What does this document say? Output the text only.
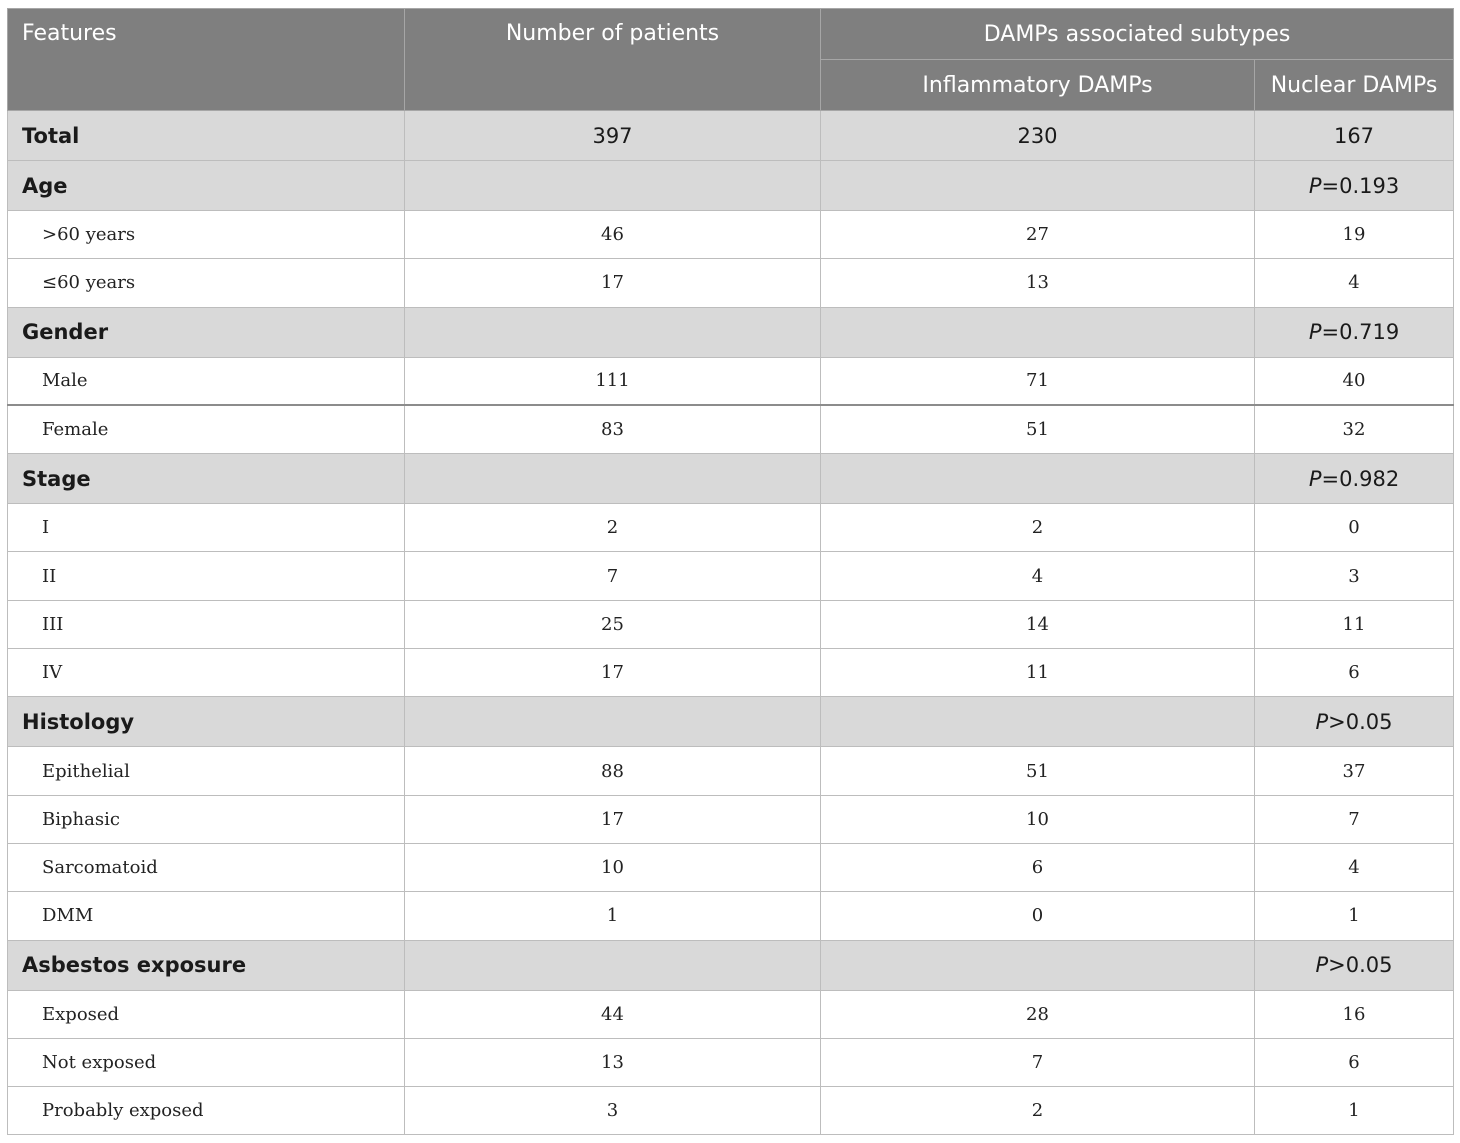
Features	Number of patients	DAMPs associated subtypes	
		Inflammatory DAMPs	Nuclear DAMPs
Total	397	230	167
Age			P=0.193
>60 years	46	27	19
≤60 years	17	13	4
Gender			P=0.719
Male	111	71	40
Female	83	51	32
Stage			P=0.982
I	2	2	0
II	7	4	3
III	25	14	11
IV	17	11	6
Histology			P>0.05
Epithelial	88	51	37
Biphasic	17	10	7
Sarcomatoid	10	6	4
DMM	1	0	1
Asbestos exposure			P>0.05
Exposed	44	28	16
Not exposed	13	7	6
Probably exposed	3	2	1
